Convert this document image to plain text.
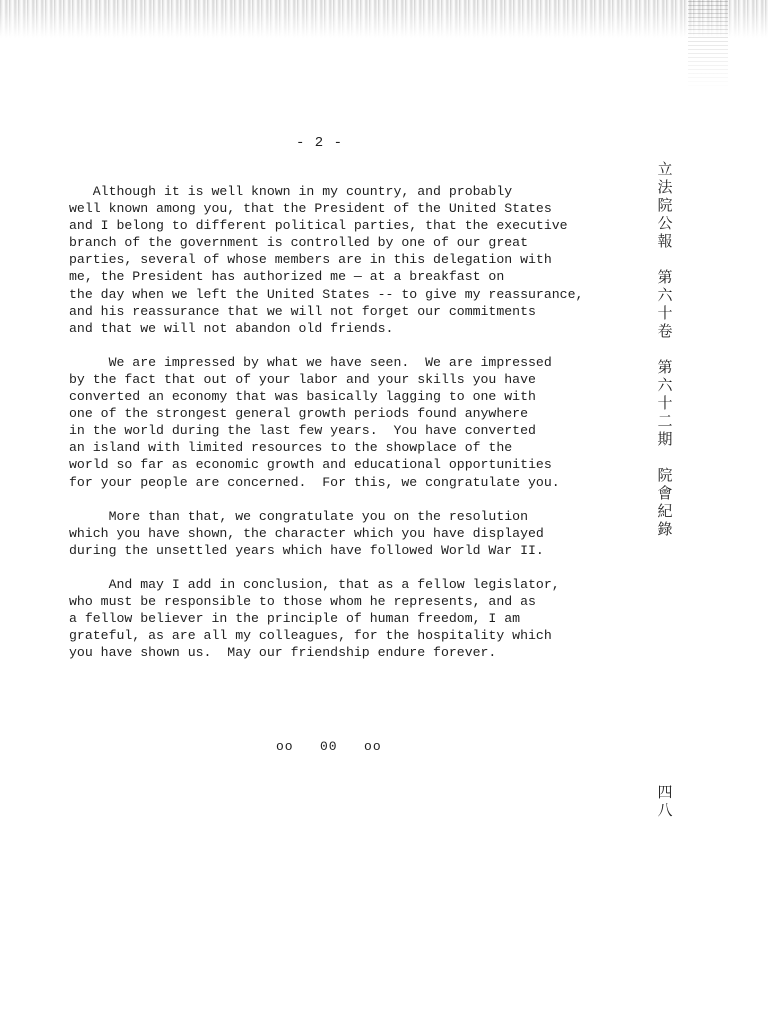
- 2 -
Although it is well known in my country, and probably
well known among you, that the President of the United States
and I belong to different political parties, that the executive
branch of the government is controlled by one of our great
parties, several of whose members are in this delegation with
me, the President has authorized me — at a breakfast on
the day when we left the United States -- to give my reassurance,
and his reassurance that we will not forget our commitments
and that we will not abandon old friends.
We are impressed by what we have seen.  We are impressed
by the fact that out of your labor and your skills you have
converted an economy that was basically lagging to one with
one of the strongest general growth periods found anywhere
in the world during the last few years.  You have converted
an island with limited resources to the showplace of the
world so far as economic growth and educational opportunities
for your people are concerned.  For this, we congratulate you.
More than that, we congratulate you on the resolution
which you have shown, the character which you have displayed
during the unsettled years which have followed World War II.
And may I add in conclusion, that as a fellow legislator,
who must be responsible to those whom he represents, and as
a fellow believer in the principle of human freedom, I am
grateful, as are all my colleagues, for the hospitality which
you have shown us.  May our friendship endure forever.
oo   00   oo
立
法
院
公
報
第
六
十
卷
第
六
十
二
期
院
會
紀
錄
四
八
